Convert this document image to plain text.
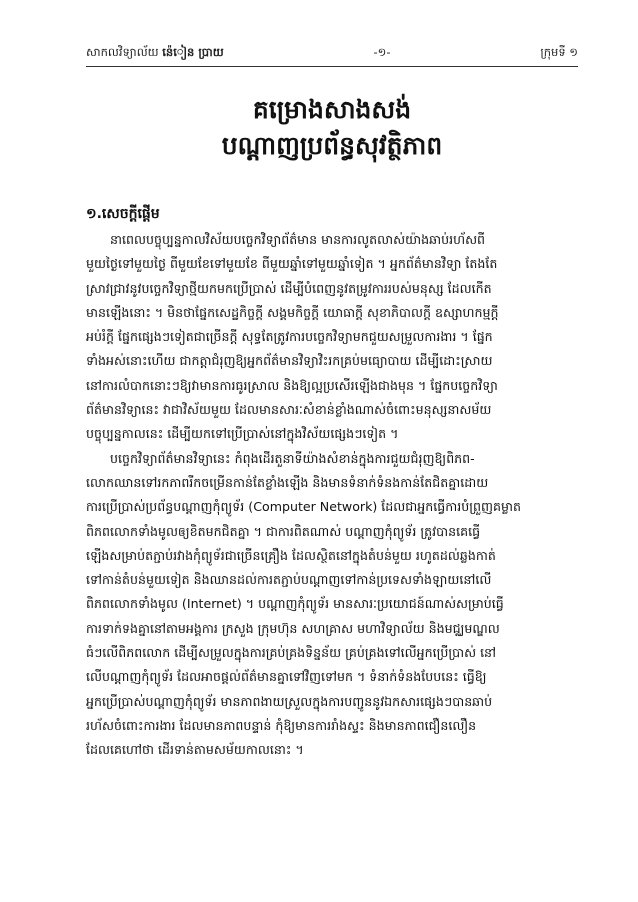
សាកលវិទ្យាល័យ ន៉េៀន ប្រាយ	-១-	ក្រុមទី ១
គម្រោងសាងសង់
បណ្ដាញប្រព័ន្ធសុវត្ថិភាព
១.សេចក្ដីផ្ដើម

នាពេលបច្ចុប្បន្នកាលវិស័យបច្ចេកវិទ្យាព័ត៌មាន មានការលូតលាស់យ៉ាងឆាប់រហ័សពី
មួយថ្ងៃទៅមួយថ្ងៃ ពីមួយខែទៅមួយខែ ពីមួយឆ្នាំទៅមួយឆ្នាំទៀត ។ អ្នកព័ត៌មានវិទ្យា តែងតែ
ស្រាវជ្រាវនូវបច្ចេកវិទ្យាថ្មីយកមកប្រើប្រាស់ ដើម្បីបំពេញនូវតម្រូវការរបស់មនុស្ស ដែលកើត
មានឡើងនោះ ។ មិនថាផ្នែកសេដ្ឋកិច្ចក្ដី សង្គមកិច្ចក្ដី យោធាក្ដី សុខាភិបាលក្ដី ឧស្សាហកម្មក្ដី
អប់រំក្ដី ផ្នែកផ្សេងៗទៀតជាច្រើនក្ដី សុទ្ធតែត្រូវការបច្ចេកវិទ្យាមកជួយសម្រួលការងារ ។ ផ្នែក
ទាំងអស់នោះហើយ ជាកត្តាជំរុញឱ្យអ្នកព័ត៌មានវិទ្យាវិះរកគ្រប់មធ្យោបាយ ដើម្បីដោះស្រាយ
នៅការលំបាកនោះៗឱ្យវាមានការធូរស្រាល និងឱ្យល្អប្រសើរឡើងជាងមុន ។ ផ្នែកបច្ចេកវិទ្យា
ព័ត៌មានវិទ្យានេះ វាជាវិស័យមួយ ដែលមានសារៈសំខាន់ខ្លាំងណាស់ចំពោះមនុស្សនាសម័យ
បច្ចុប្បន្នកាលនេះ ដើម្បីយកទៅប្រើប្រាស់នៅក្នុងវិស័យផ្សេងៗទៀត ។

បច្ចេកវិទ្យាព័ត៌មានវិទ្យានេះ កំពុងដើរតួនាទីយ៉ាងសំខាន់ក្នុងការជួយជំរុញឱ្យពិភព-
លោកឈានទៅរកភាពរីកចម្រើនកាន់តែខ្លាំងឡើង និងមានទំនាក់ទំនងកាន់តែជិតគ្នាដោយ
ការប្រើប្រាស់ប្រព័ន្ធបណ្ដាញកុំព្យូទ័រ (Computer Network) ដែលជាអ្នកធ្វើការបំព្រួញគម្លាត
ពិភពលោកទាំងមូលឲ្យខិតមកជិតគ្នា ។ ជាការពិតណាស់ បណ្ដាញកុំព្យូទ័រ ត្រូវបានគេធ្វើ
ឡើងសម្រាប់តភ្ជាប់រវាងកុំព្យូទ័រជាច្រើនគ្រឿង ដែលស្ថិតនៅក្នុងតំបន់មួយ រហូតដល់ឆ្លងកាត់
ទៅកាន់តំបន់មួយទៀត និងឈានដល់ការតភ្ជាប់បណ្ដាញទៅកាន់ប្រទេសទាំងឡាយនៅលើ
ពិភពលោកទាំងមូល (Internet) ។ បណ្ដាញកុំព្យូទ័រ មានសារៈប្រយោជន៍ណាស់សម្រាប់ធ្វើ
ការទាក់ទងគ្នានៅតាមអង្គការ ក្រសួង ក្រុមហ៊ុន សហគ្រាស មហាវិទ្យាល័យ និងមជ្ឈមណ្ឌល
ធំៗលើពិភពលោក ដើម្បីសម្រួលក្នុងការគ្រប់គ្រងទិន្នន័យ គ្រប់គ្រងទៅលើអ្នកប្រើប្រាស់ នៅ
លើបណ្ដាញកុំព្យូទ័រ ដែលអាចផ្ដល់ព័ត៌មានគ្នាទៅវិញទៅមក ។ ទំនាក់ទំនងបែបនេះ ធ្វើឱ្យ
អ្នកប្រើប្រាស់បណ្ដាញកុំព្យូទ័រ មានភាពងាយស្រួលក្នុងការបញ្ជូននូវឯកសារផ្សេងៗបានឆាប់
រហ័សចំពោះការងារ ដែលមានភាពបន្ទាន់ កុំឱ្យមានការរាំងស្ទះ និងមានភាពជឿនលឿន
ដែលគេហៅថា ដើរទាន់តាមសម័យកាលនោះ ។
